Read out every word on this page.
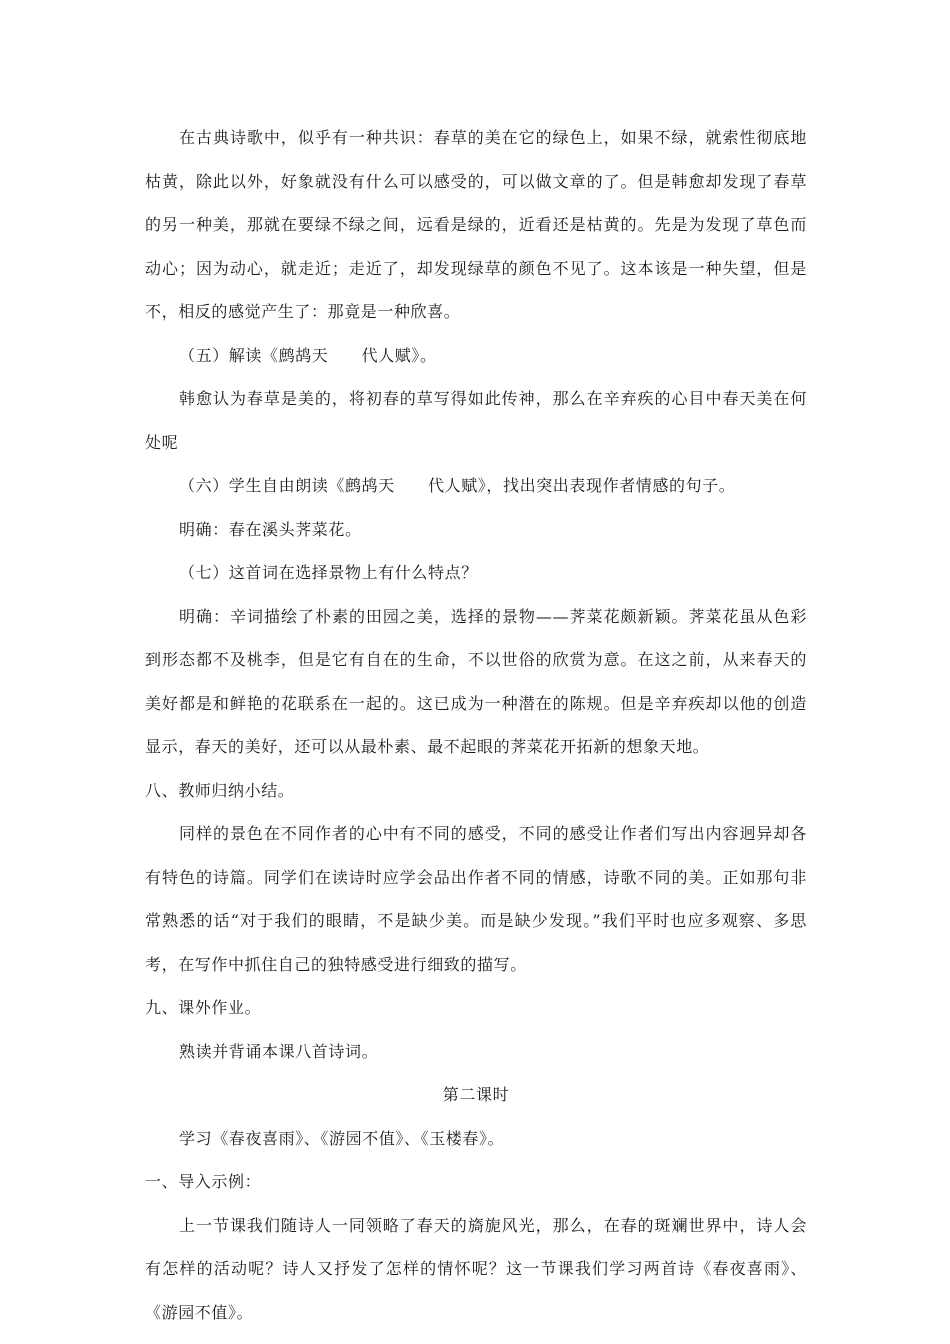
在古典诗歌中，似乎有一种共识：春草的美在它的绿色上，如果不绿，就索性彻底地枯黄，除此以外，好象就没有什么可以感受的，可以做文章的了。但是韩愈却发现了春草的另一种美，那就在要绿不绿之间，远看是绿的，近看还是枯黄的。先是为发现了草色而动心；因为动心，就走近；走近了，却发现绿草的颜色不见了。这本该是一种失望，但是不，相反的感觉产生了：那竟是一种欣喜。

（五）解读《鹧鸪天　　代人赋》。

韩愈认为春草是美的，将初春的草写得如此传神，那么在辛弃疾的心目中春天美在何处呢

（六）学生自由朗读《鹧鸪天　　代人赋》，找出突出表现作者情感的句子。

明确：春在溪头荠菜花。

（七）这首词在选择景物上有什么特点？

明确：辛词描绘了朴素的田园之美，选择的景物——荠菜花颇新颖。荠菜花虽从色彩到形态都不及桃李，但是它有自在的生命，不以世俗的欣赏为意。在这之前，从来春天的美好都是和鲜艳的花联系在一起的。这已成为一种潜在的陈规。但是辛弃疾却以他的创造显示，春天的美好，还可以从最朴素、最不起眼的荠菜花开拓新的想象天地。

八、教师归纳小结。

同样的景色在不同作者的心中有不同的感受，不同的感受让作者们写出内容迥异却各有特色的诗篇。同学们在读诗时应学会品出作者不同的情感，诗歌不同的美。正如那句非常熟悉的话“对于我们的眼睛，不是缺少美。而是缺少发现。”我们平时也应多观察、多思考，在写作中抓住自己的独特感受进行细致的描写。

九、课外作业。

熟读并背诵本课八首诗词。

第二课时

学习《春夜喜雨》、《游园不值》、《玉楼春》。

一、导入示例：

上一节课我们随诗人一同领略了春天的旖旎风光，那么，在春的斑斓世界中，诗人会有怎样的活动呢？诗人又抒发了怎样的情怀呢？这一节课我们学习两首诗《春夜喜雨》、《游园不值》。
